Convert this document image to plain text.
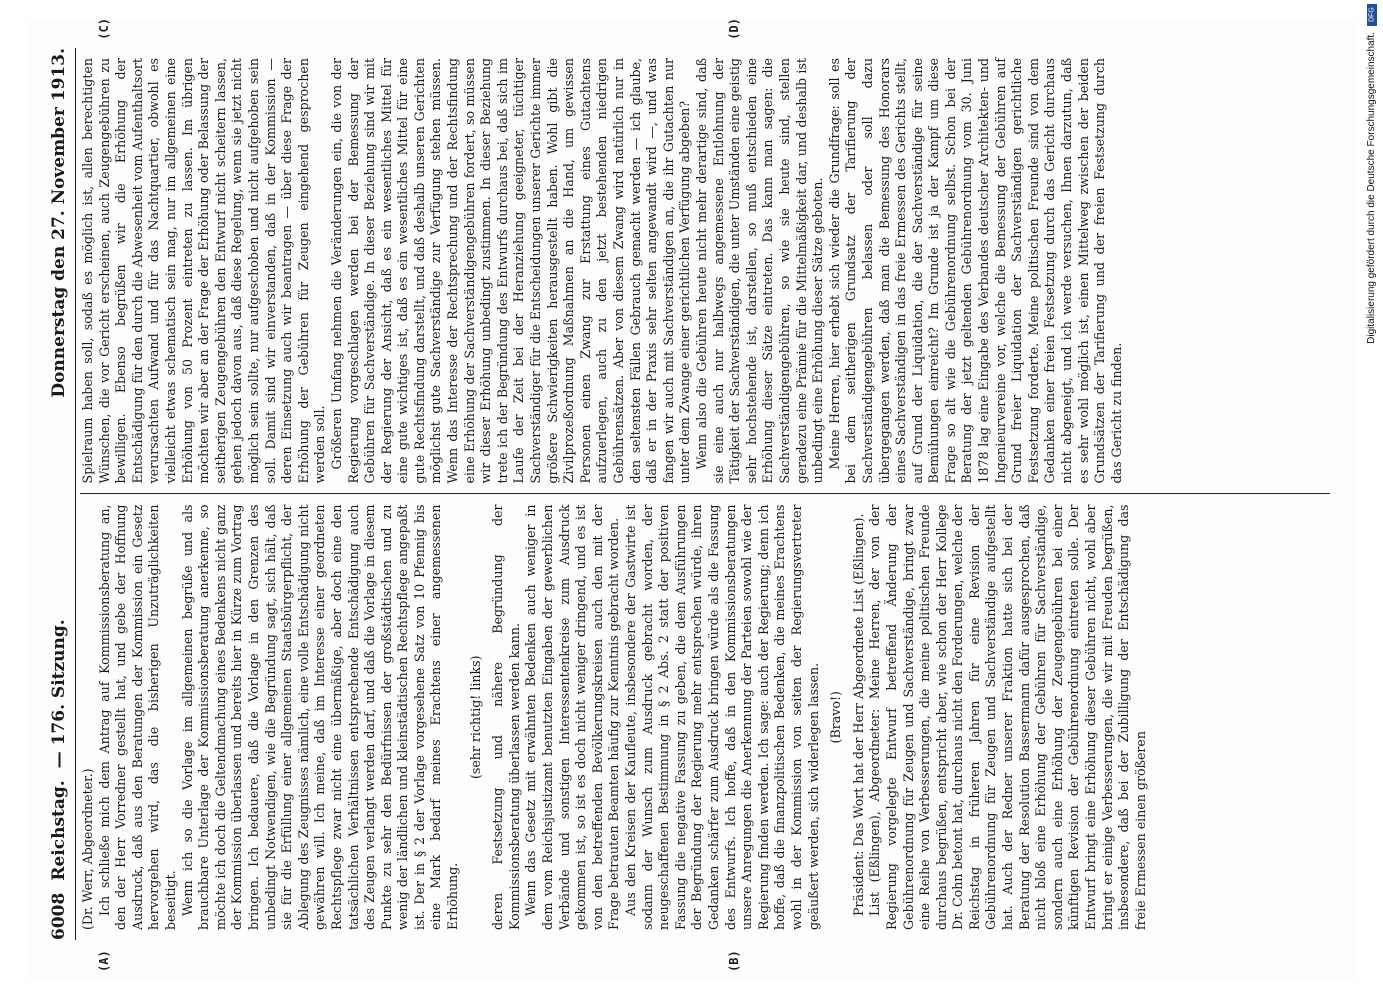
DFG
Digitalisierung gefördert durch die Deutsche Forschungsgemeinschaft.
6008
Reichstag.
— 176. Sitzung.
Donnerstag den 27. November 1913.

(Dr. Werr, Abgeordneter.) Ich schließe mich dem Antrag auf Kommissionsberatung an, den der Herr Vorredner gestellt hat, und gebe der Hoffnung Ausdruck, daß aus den Beratungen der Kommission ein Gesetz hervorgehen wird, das die bisherigen Unzuträglichkeiten beseitigt. Wenn ich so die Vorlage im allgemeinen begrüße und als brauchbare Unterlage der Kommissionsberatung anerkenne, so möchte ich doch die Geltendmachung eines Bedenkens nicht ganz der Kommission überlassen und bereits hier in Kürze zum Vortrag bringen. Ich bedauere, daß die Vorlage in den Grenzen des unbedingt Notwendigen, wie die Begründung sagt, sich hält, daß sie für die Erfüllung einer allgemeinen Staatsbürgerpflicht, der Ablegung des Zeugnisses nämlich, eine volle Entschädigung nicht gewähren will. Ich meine, daß im Interesse einer geordneten Rechtspflege zwar nicht eine übermäßige, aber doch eine den tatsächlichen Verhältnissen entsprechende Entschädigung auch des Zeugen verlangt werden darf, und daß die Vorlage in diesem Punkte zu sehr den Bedürfnissen der großstädtischen und zu wenig der ländlichen und kleinstädtischen Rechtspflege angepaßt ist. Der in § 2 der Vorlage vorgesehene Satz von 10 Pfennig bis eine Mark bedarf meines Erachtens einer angemessenen Erhöhung.

(sehr richtig! links) deren Festsetzung und nähere Begründung der Kommissionsberatung überlassen werden kann. Wenn das Gesetz mit erwähnten Bedenken auch weniger in dem vom Reichsjustizamt benutzten Eingaben der gewerblichen Verbände und sonstigen Interessentenkreise zum Ausdruck gekommen ist, so ist es doch nicht weniger dringend, und es ist von den betreffenden Bevölkerungskreisen auch den mit der Frage betrauten Beamten häufig zur Kenntnis gebracht worden. Aus den Kreisen der Kaufleute, insbesondere der Gastwirte ist sodann der Wunsch zum Ausdruck gebracht worden, der neugeschaffenen Bestimmung in § 2 Abs. 2 statt der positiven Fassung die negative Fassung zu geben, die dem Ausführungen der Begründung der Regierung mehr entsprechen würde, ihren Gedanken schärfer zum Ausdruck bringen würde als die Fassung des Entwurfs. Ich hoffe, daß in den Kommissionsberatungen unsere Anregungen die Anerkennung der Parteien sowohl wie der Regierung finden werden. Ich sage: auch der Regierung; denn ich hoffe, daß die finanzpolitischen Bedenken, die meines Erachtens wohl in der Kommission von seiten der Regierungsvertreter geäußert werden, sich widerlegen lassen. (Bravo!) Präsident: Das Wort hat der Herr Abgeordnete List (Eßlingen). List (Eßlingen), Abgeordneter: Meine Herren, der von der Regierung vorgelegte Entwurf betreffend Änderung der Gebührenordnung für Zeugen und Sachverständige, bringt zwar eine Reihe von Verbesserungen, die meine politischen Freunde durchaus begrüßen, entspricht aber, wie schon der Herr Kollege Dr. Cohn betont hat, durchaus nicht den Forderungen, welche der Reichstag in früheren Jahren für eine Revision der Gebührenordnung für Zeugen und Sachverständige aufgestellt hat. Auch der Redner unserer Fraktion hatte sich bei der Beratung der Resolution Bassermann dafür ausgesprochen, daß nicht bloß eine Erhöhung der Gebühren für Sachverständige, sondern auch eine Erhöhung der Zeugengebühren bei einer künftigen Revision der Gebührenordnung eintreten solle. Der Entwurf bringt eine Erhöhung dieser Gebühren nicht, wohl aber bringt er einige Verbesserungen, die wir mit Freuden begrüßen, insbesondere, daß bei der Zubilligung der Entschädigung das freie Ermessen einen größeren

Spielraum haben soll, sodaß es möglich ist, allen berechtigten Wünschen, die vor Gericht erscheinen, auch Zeugengebühren zu bewilligen. Ebenso begrüßen wir die Erhöhung der Entschädigung für den durch die Abwesenheit vom Aufenthaltsort verursachten Aufwand und für das Nachtquartier, obwohl es vielleicht etwas schematisch sein mag, nur im allgemeinen eine Erhöhung von 50 Prozent eintreten zu lassen. Im übrigen möchten wir aber an der Frage der Erhöhung oder Belassung der seitherigen Zeugengebühren den Entwurf nicht scheitern lassen, gehen jedoch davon aus, daß diese Regelung, wenn sie jetzt nicht möglich sein sollte, nur aufgeschoben und nicht aufgehoben sein soll. Damit sind wir einverstanden, daß in der Kommission — deren Einsetzung auch wir beantragen — über diese Frage der Erhöhung der Gebühren für Zeugen eingehend gesprochen werden soll. Größeren Umfang nehmen die Veränderungen ein, die von der Regierung vorgeschlagen werden bei der Bemessung der Gebühren für Sachverständige. In dieser Beziehung sind wir mit der Regierung der Ansicht, daß es ein wesentliches Mittel für eine gute wichtiges ist, daß es ein wesentliches Mittel für eine gute Rechtsfindung darstellt, und daß deshalb unseren Gerichten möglichst gute Sachverständige zur Verfügung stehen müssen. Wenn das Interesse der Rechtsprechung und der Rechtsfindung eine Erhöhung der Sachverständigengebühren fordert, so müssen wir dieser Erhöhung unbedingt zustimmen. In dieser Beziehung trete ich der Begründung des Entwurfs durchaus bei, daß sich im Laufe der Zeit bei der Heranziehung geeigneter, tüchtiger Sachverständiger für die Entscheidungen unserer Gerichte immer größere Schwierigkeiten herausgestellt haben. Wohl gibt die Zivilprozeßordnung Maßnahmen an die Hand, um gewissen Personen einen Zwang zur Erstattung eines Gutachtens aufzuerlegen, auch zu den jetzt bestehenden niedrigen Gebührensätzen. Aber von diesem Zwang wird natürlich nur in den seltensten Fällen Gebrauch gemacht werden — ich glaube, daß er in der Praxis sehr selten angewandt wird —, und was fangen wir auch mit Sachverständigen an, die ihr Gutachten nur unter dem Zwange einer gerichtlichen Verfügung abgeben? Wenn also die Gebühren heute nicht mehr derartige sind, daß sie eine auch nur halbwegs angemessene Entlohnung der Tätigkeit der Sachverständigen, die unter Umständen eine geistig sehr hochstehende ist, darstellen, so muß entschieden eine Erhöhung dieser Sätze eintreten. Das kann man sagen: die Sachverständigengebühren, so wie sie heute sind, stellen geradezu eine Prämie für die Mittelmäßigkeit dar, und deshalb ist unbedingt eine Erhöhung dieser Sätze geboten. Meine Herren, hier erhebt sich wieder die Grundfrage: soll es bei dem seitherigen Grundsatz der Tarifierung der Sachverständigengebühren belassen oder soll dazu übergegangen werden, daß man die Bemessung des Honorars eines Sachverständigen in das freie Ermessen des Gerichts stellt, auf Grund der Liquidation, die der Sachverständige für seine Bemühungen einreicht? Im Grunde ist ja der Kampf um diese Frage so alt wie die Gebührenordnung selbst. Schon bei der Beratung der jetzt geltenden Gebührenordnung vom 30. Juni 1878 lag eine Eingabe des Verbandes deutscher Architekten- und Ingenieurvereine vor, welche die Bemessung der Gebühren auf Grund freier Liquidation der Sachverständigen gerichtliche Festsetzung forderte. Meine politischen Freunde sind von dem Gedanken einer freien Festsetzung durch das Gericht durchaus nicht abgeneigt, und ich werde versuchen, Ihnen darzutun, daß es sehr wohl möglich ist, einen Mittelweg zwischen der beiden Grundsätzen der Tarifierung und der freien Festsetzung durch das Gericht zu finden.

(A)	(B)
(C)	(D)
